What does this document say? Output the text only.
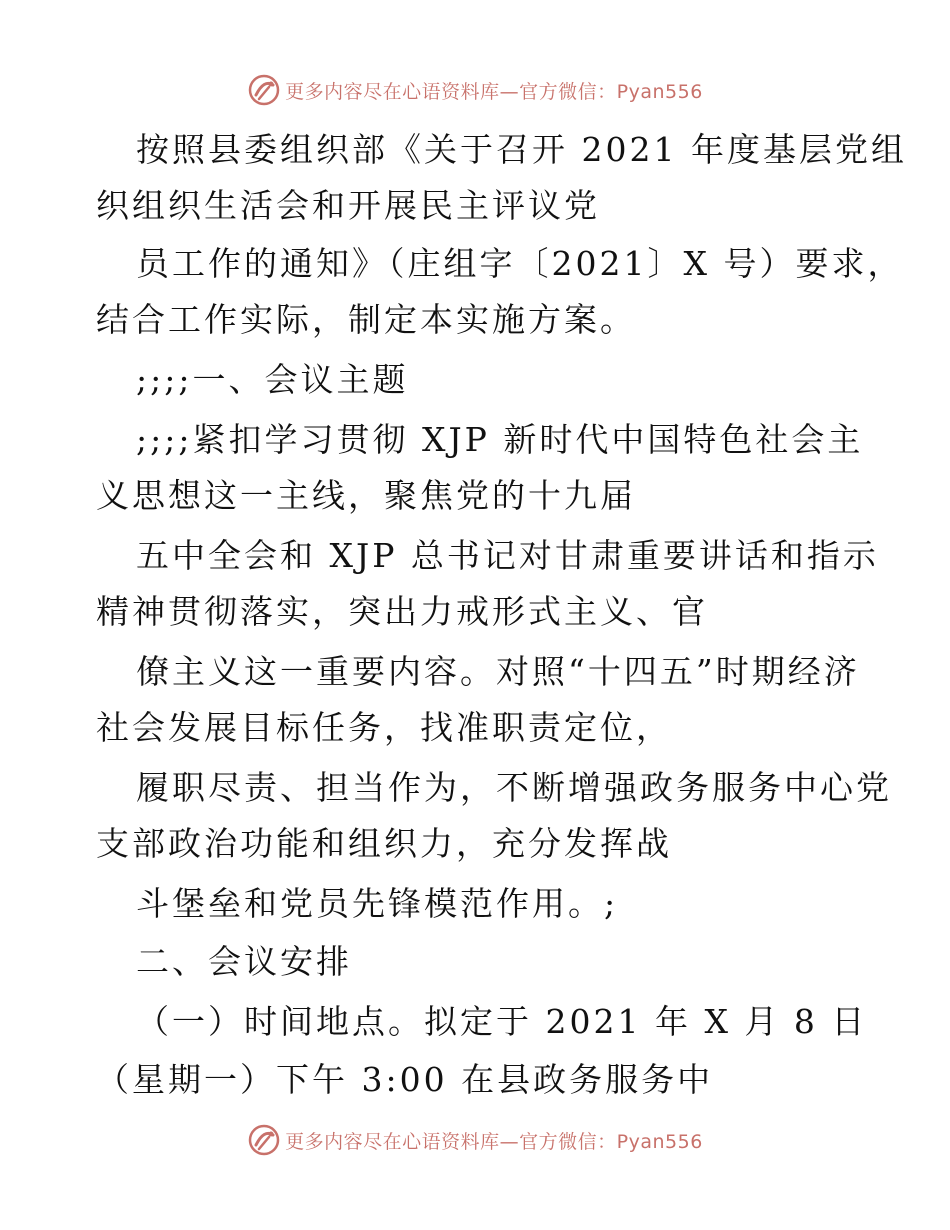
更多内容尽在心语资料库—官方微信：Pyan556
按照县委组织部《关于召开 2021 年度基层党组
织组织生活会和开展民主评议党
员工作的通知》（庄组字〔2021〕X 号）要求，
结合工作实际，制定本实施方案。
;;;;一、会议主题
;;;;紧扣学习贯彻 XJP 新时代中国特色社会主
义思想这一主线，聚焦党的十九届
五中全会和 XJP 总书记对甘肃重要讲话和指示
精神贯彻落实，突出力戒形式主义、官
僚主义这一重要内容。对照“十四五”时期经济
社会发展目标任务，找准职责定位，
履职尽责、担当作为，不断增强政务服务中心党
支部政治功能和组织力，充分发挥战
斗堡垒和党员先锋模范作用。;
二、会议安排
（一）时间地点。拟定于 2021 年 X 月 8 日
（星期一）下午 3:00 在县政务服务中
更多内容尽在心语资料库—官方微信：Pyan556
